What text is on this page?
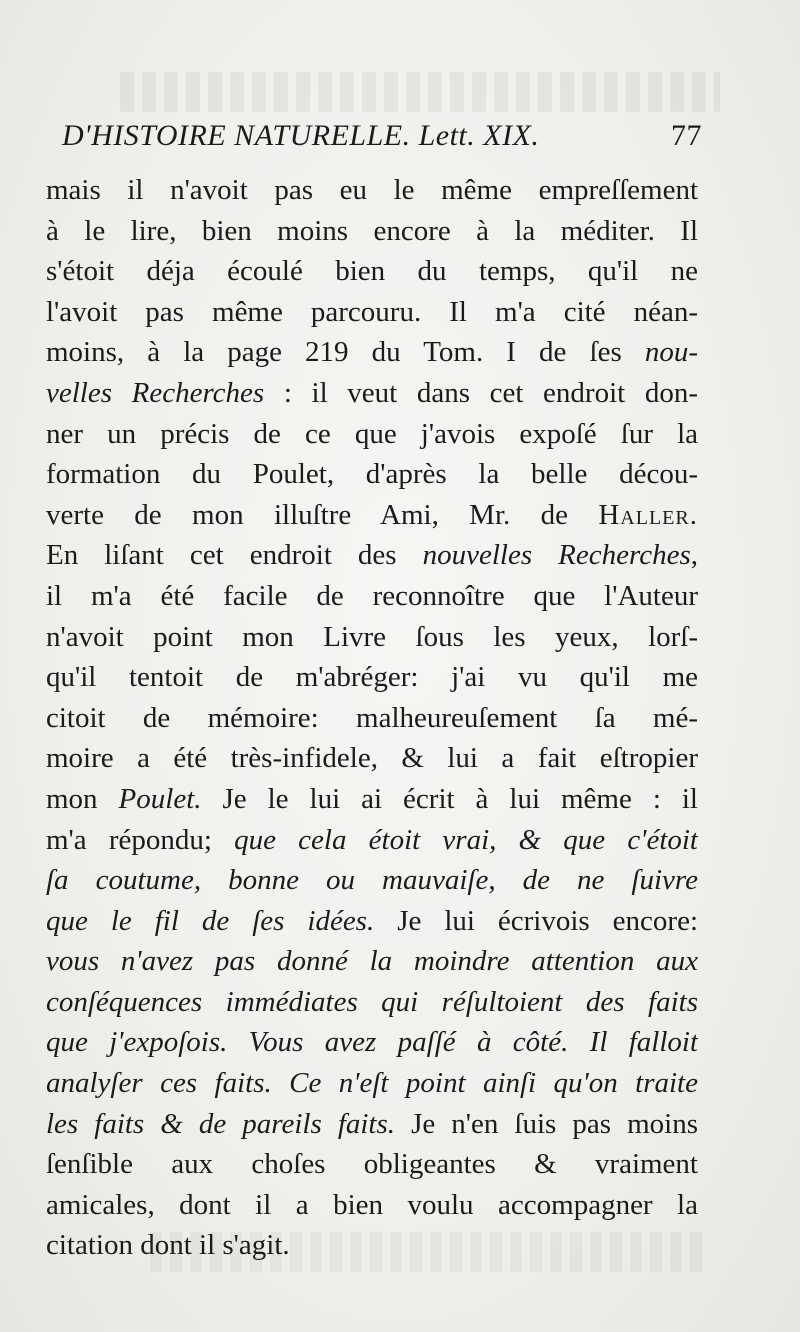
D'HISTOIRE NATURELLE. Lett. XIX.	77
mais il n'avoit pas eu le même empreſſement
à le lire, bien moins encore à la méditer. Il
s'étoit déja écoulé bien du temps, qu'il ne
l'avoit pas même parcouru. Il m'a cité néan-
moins, à la page 219 du Tom. I de ſes nou-
velles Recherches : il veut dans cet endroit don-
ner un précis de ce que j'avois expoſé ſur la
formation du Poulet, d'après la belle décou-
verte de mon illuſtre Ami, Mr. de Haller.
En liſant cet endroit des nouvelles Recherches,
il m'a été facile de reconnoître que l'Auteur
n'avoit point mon Livre ſous les yeux, lorſ-
qu'il tentoit de m'abréger: j'ai vu qu'il me
citoit de mémoire: malheureuſement ſa mé-
moire a été très-infidele, & lui a fait eſtropier
mon Poulet. Je le lui ai écrit à lui même : il
m'a répondu; que cela étoit vrai, & que c'étoit
ſa coutume, bonne ou mauvaiſe, de ne ſuivre
que le fil de ſes idées. Je lui écrivois encore:
vous n'avez pas donné la moindre attention aux
conſéquences immédiates qui réſultoient des faits
que j'expoſois. Vous avez paſſé à côté. Il falloit
analyſer ces faits. Ce n'eſt point ainſi qu'on traite
les faits & de pareils faits. Je n'en ſuis pas moins
ſenſible aux choſes obligeantes & vraiment
amicales, dont il a bien voulu accompagner la
citation dont il s'agit.
